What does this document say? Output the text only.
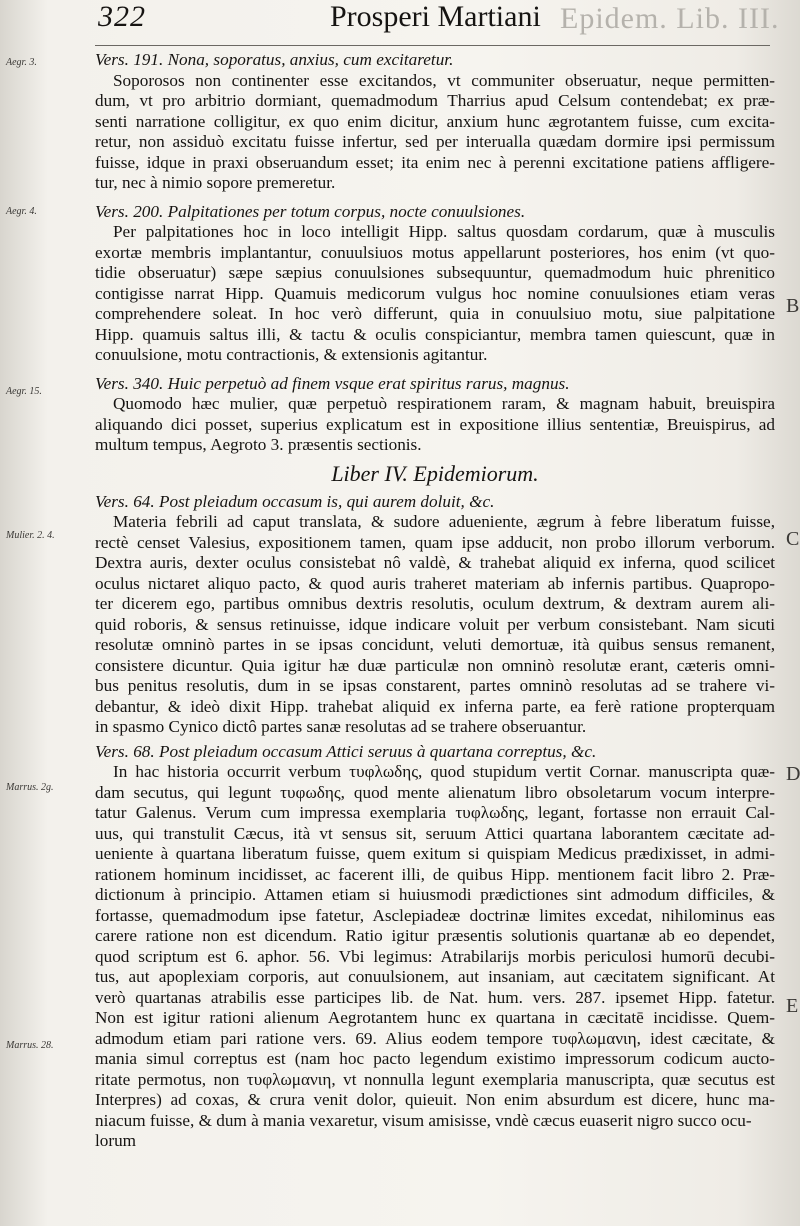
Epidem. Lib. III.
322	Prosperi Martiani
Aegr. 3.
Aegr. 4.
Aegr. 15.
Mulier. 2. 4.
Marrus. 2g.
Marrus. 28.
B
C
D
E
Vers. 191. Nona, soporatus, anxius, cum excitaretur.
Soporosos non continenter esse excitandos, vt communiter obseruatur, neque permitten-
dum, vt pro arbitrio dormiant, quemadmodum Tharrius apud Celsum contendebat; ex præ-
senti narratione colligitur, ex quo enim dicitur, anxium hunc ægrotantem fuisse, cum excita-
retur, non assiduò excitatu fuisse infertur, sed per interualla quædam dormire ipsi permissum
fuisse, idque in praxi obseruandum esset; ita enim nec à perenni excitatione patiens affligere-
tur, nec à nimio sopore premeretur.
Vers. 200. Palpitationes per totum corpus, nocte conuulsiones.
Per palpitationes hoc in loco intelligit Hipp. saltus quosdam cordarum, quæ à musculis
exortæ membris implantantur, conuulsiuos motus appellarunt posteriores, hos enim (vt quo-
tidie obseruatur) sæpe sæpius conuulsiones subsequuntur, quemadmodum huic phrenitico
contigisse narrat Hipp. Quamuis medicorum vulgus hoc nomine conuulsiones etiam veras
comprehendere soleat. In hoc verò differunt, quia in conuulsiuo motu, siue palpitatione
Hipp. quamuis saltus illi, & tactu & oculis conspiciantur, membra tamen quiescunt, quæ in
conuulsione, motu contractionis, & extensionis agitantur.
Vers. 340. Huic perpetuò ad finem vsque erat spiritus rarus, magnus.
Quomodo hæc mulier, quæ perpetuò respirationem raram, & magnam habuit, breuispira
aliquando dici posset, superius explicatum est in expositione illius sententiæ, Breuispirus, ad
multum tempus, Aegroto 3. præsentis sectionis.
Liber IV. Epidemiorum.
Vers. 64. Post pleiadum occasum is, qui aurem doluit, &c.
Materia febrili ad caput translata, & sudore adueniente, ægrum à febre liberatum fuisse,
rectè censet Valesius, expositionem tamen, quam ipse adducit, non probo illorum verborum.
Dextra auris, dexter oculus consistebat nô valdè, & trahebat aliquid ex inferna, quod scilicet
oculus nictaret aliquo pacto, & quod auris traheret materiam ab infernis partibus. Quapropo-
ter dicerem ego, partibus omnibus dextris resolutis, oculum dextrum, & dextram aurem ali-
quid roboris, & sensus retinuisse, idque indicare voluit per verbum consistebant. Nam sicuti
resolutæ omninò partes in se ipsas concidunt, veluti demortuæ, ità quibus sensus remanent,
consistere dicuntur. Quia igitur hæ duæ particulæ non omninò resolutæ erant, cæteris omni-
bus penitus resolutis, dum in se ipsas constarent, partes omninò resolutas ad se trahere vi-
debantur, & ideò dixit Hipp. trahebat aliquid ex inferna parte, ea ferè ratione propterquam
in spasmo Cynico dictô partes sanæ resolutas ad se trahere obseruantur.
Vers. 68. Post pleiadum occasum Attici seruus à quartana correptus, &c.
In hac historia occurrit verbum τυφλωδης, quod stupidum vertit Cornar. manuscripta quæ-
dam secutus, qui legunt τυφωδης, quod mente alienatum libro obsoletarum vocum interpre-
tatur Galenus. Verum cum impressa exemplaria τυφλωδης, legant, fortasse non errauit Cal-
uus, qui transtulit Cæcus, ità vt sensus sit, seruum Attici quartana laborantem cæcitate ad-
ueniente à quartana liberatum fuisse, quem exitum si quispiam Medicus prædixisset, in admi-
rationem hominum incidisset, ac facerent illi, de quibus Hipp. mentionem facit libro 2. Præ-
dictionum à principio. Attamen etiam si huiusmodi prædictiones sint admodum difficiles, &
fortasse, quemadmodum ipse fatetur, Asclepiadeæ doctrinæ limites excedat, nihilominus eas
carere ratione non est dicendum. Ratio igitur præsentis solutionis quartanæ ab eo dependet,
quod scriptum est 6. aphor. 56. Vbi legimus: Atrabilarijs morbis periculosi humorū decubi-
tus, aut apoplexiam corporis, aut conuulsionem, aut insaniam, aut cæcitatem significant. At
verò quartanas atrabilis esse participes lib. de Nat. hum. vers. 287. ipsemet Hipp. fatetur.
Non est igitur rationi alienum Aegrotantem hunc ex quartana in cæcitatē incidisse. Quem-
admodum etiam pari ratione vers. 69. Alius eodem tempore τυφλωμανιη, idest cæcitate, &
mania simul correptus est (nam hoc pacto legendum existimo impressorum codicum aucto-
ritate permotus, non τυφλωμανιη, vt nonnulla legunt exemplaria manuscripta, quæ secutus est
Interpres) ad coxas, & crura venit dolor, quieuit. Non enim absurdum est dicere, hunc ma-
niacum fuisse, & dum à mania vexaretur, visum amisisse, vndè cæcus euaserit nigro succo ocu-
lorum
